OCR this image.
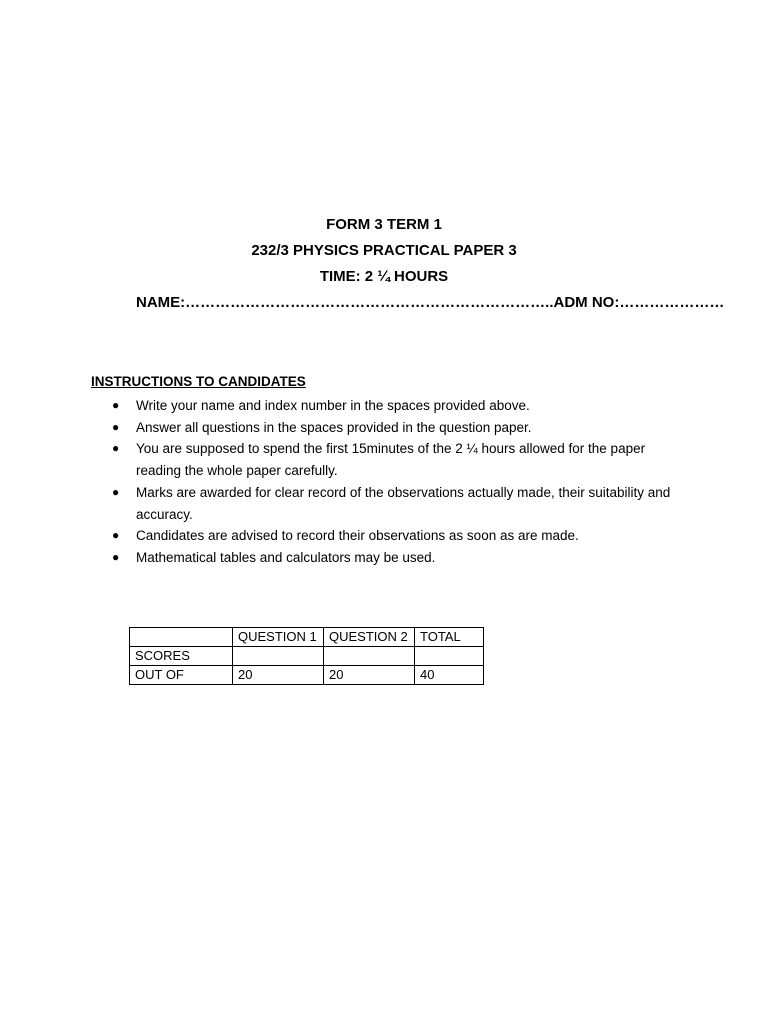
FORM 3 TERM 1
232/3 PHYSICS PRACTICAL PAPER 3
TIME: 2 ¼ HOURS
NAME:………………………………………………………………..ADM NO:…………………
INSTRUCTIONS TO CANDIDATES
● Write your name and index number in the spaces provided above.
● Answer all questions in the spaces provided in the question paper.
● You are supposed to spend the first 15minutes of the 2 ¼ hours allowed for the paper reading the whole paper carefully.
● Marks are awarded for clear record of the observations actually made, their suitability and accuracy.
● Candidates are advised to record their observations as soon as are made.
● Mathematical tables and calculators may be used.
	QUESTION 1	QUESTION 2	TOTAL
SCORES			
OUT OF	20	20	40
